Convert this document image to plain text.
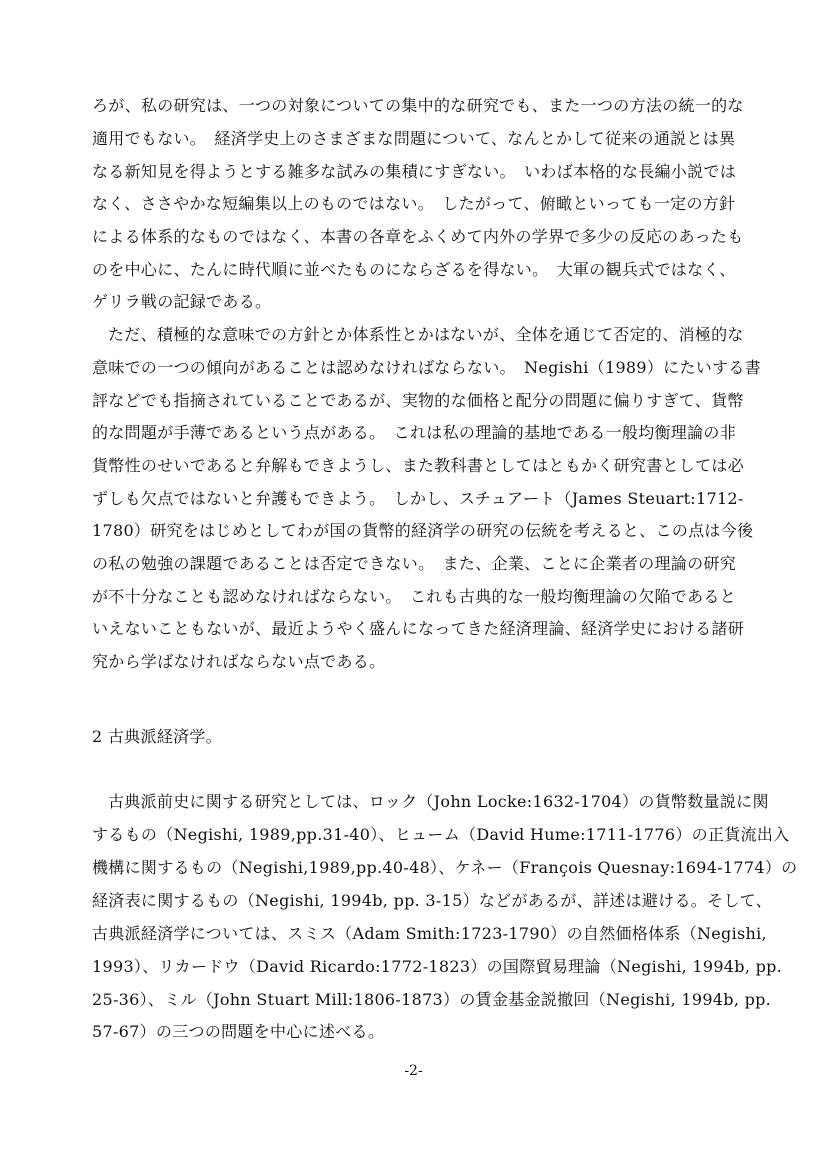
ろが、私の研究は、一つの対象についての集中的な研究でも、また一つの方法の統一的な
適用でもない。　経済学史上のさまざまな問題について、なんとかして従来の通説とは異
なる新知見を得ようとする雑多な試みの集積にすぎない。　いわば本格的な長編小説では
なく、ささやかな短編集以上のものではない。　したがって、俯瞰といっても一定の方針
による体系的なものではなく、本書の各章をふくめて内外の学界で多少の反応のあったも
のを中心に、たんに時代順に並べたものにならざるを得ない。　大軍の観兵式ではなく、
ゲリラ戦の記録である。
ただ、積極的な意味での方針とか体系性とかはないが、全体を通じて否定的、消極的な
意味での一つの傾向があることは認めなければならない。　Negishi（1989）にたいする書
評などでも指摘されていることであるが、実物的な価格と配分の問題に偏りすぎて、貨幣
的な問題が手薄であるという点がある。　これは私の理論的基地である一般均衡理論の非
貨幣性のせいであると弁解もできようし、また教科書としてはともかく研究書としては必
ずしも欠点ではないと弁護もできよう。　しかし、スチュアート（James Steuart:1712-
1780）研究をはじめとしてわが国の貨幣的経済学の研究の伝統を考えると、この点は今後
の私の勉強の課題であることは否定できない。　また、企業、ことに企業者の理論の研究
が不十分なことも認めなければならない。　これも古典的な一般均衡理論の欠陥であると
いえないこともないが、最近ようやく盛んになってきた経済理論、経済学史における諸研
究から学ばなければならない点である。
2 古典派経済学。
古典派前史に関する研究としては、ロック（John Locke:1632-1704）の貨幣数量説に関
するもの（Negishi, 1989,pp.31-40）、ヒューム（David Hume:1711-1776）の正貨流出入
機構に関するもの（Negishi,1989,pp.40-48）、ケネー（François Quesnay:1694-1774）の
経済表に関するもの（Negishi, 1994b, pp. 3-15）などがあるが、詳述は避ける。そして、
古典派経済学については、スミス（Adam Smith:1723-1790）の自然価格体系（Negishi,
1993）、リカードウ（David Ricardo:1772-1823）の国際貿易理論（Negishi, 1994b, pp.
25-36）、ミル（John Stuart Mill:1806-1873）の賃金基金説撤回（Negishi, 1994b, pp.
57-67）の三つの問題を中心に述べる。
-2-
